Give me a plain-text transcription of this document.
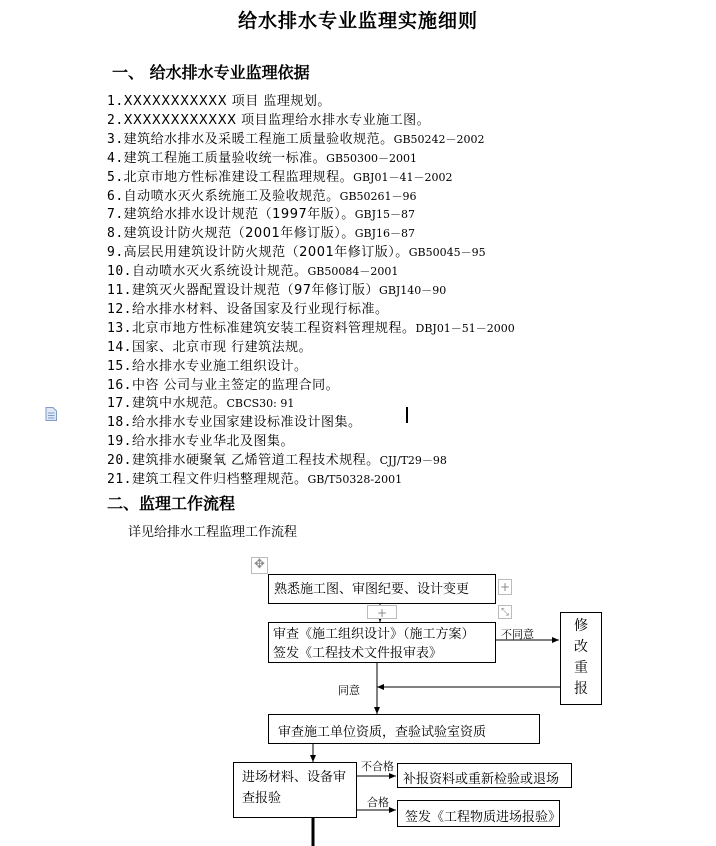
给水排水专业监理实施细则
一、 给水排水专业监理依据
1.XXXXXXXXXXX 项目 监理规划。
2.XXXXXXXXXXXX 项目监理给水排水专业施工图。
3.建筑给水排水及采暖工程施工质量验收规范。GB50242－2002
4.建筑工程施工质量验收统一标准。GB50300－2001
5.北京市地方性标准建设工程监理规程。GBJ01－41－2002
6.自动喷水灭火系统施工及验收规范。GB50261－96
7.建筑给水排水设计规范（1997年版）。GBJ15－87
8.建筑设计防火规范（2001年修订版）。GBJ16－87
9.高层民用建筑设计防火规范（2001年修订版）。GB50045－95
10.自动喷水灭火系统设计规范。GB50084－2001
11.建筑灭火器配置设计规范（97年修订版）GBJ140－90
12.给水排水材料、设备国家及行业现行标准。
13.北京市地方性标准建筑安装工程资料管理规程。DBJ01－51－2000
14.国家、北京市现 行建筑法规。
15.给水排水专业施工组织设计。
16.中咨 公司与业主签定的监理合同。
17.建筑中水规范。CBCS30: 91
18.给水排水专业国家建设标准设计图集。
19.给水排水专业华北及图集。
20.建筑排水硬聚氧 乙烯管道工程技术规程。CJJ/T29－98
21.建筑工程文件归档整理规范。GB/T50328-2001
二、监理工作流程
详见给排水工程监理工作流程
✥
熟悉施工图、审图纪要、设计变更	+
+	⤡
审查《施工组织设计》（施工方案）
签发《工程技术文件报审表》
不同意
修
改
重
报
同意
审查施工单位资质，查验试验室资质
进场材料、设备审查报验
不合格
合格
补报资料或重新检验或退场
签发《工程物质进场报验》
